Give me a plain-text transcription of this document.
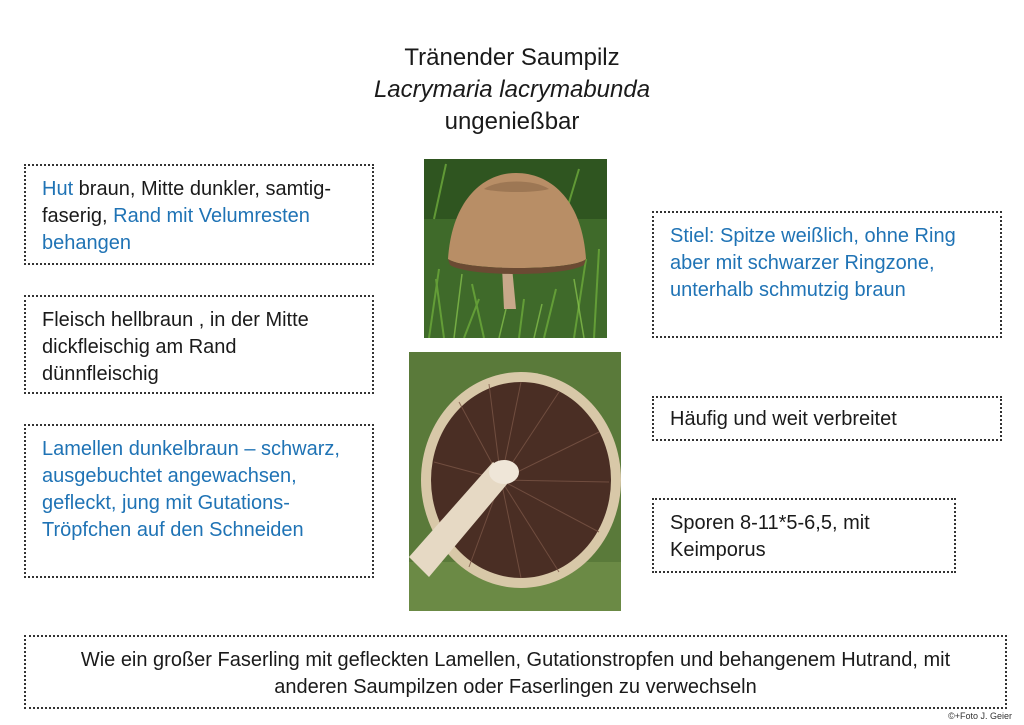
Tränender Saumpilz
Lacrymaria lacrymabunda
ungenießbar
Hut braun, Mitte dunkler, samtig-faserig, Rand mit Velumresten behangen
Fleisch hellbraun , in der Mitte dickfleischig am Rand dünnfleischig
Lamellen dunkelbraun – schwarz, ausgebuchtet angewachsen, gefleckt, jung mit Gutations-Tröpfchen auf den Schneiden
Stiel: Spitze weißlich, ohne Ring aber mit schwarzer Ringzone, unterhalb schmutzig braun
Häufig und weit verbreitet
Sporen 8-11*5-6,5, mit Keimporus
Wie ein großer Faserling mit gefleckten Lamellen, Gutationstropfen und behangenem Hutrand, mit anderen Saumpilzen oder Faserlingen zu verwechseln
©+Foto J. Geier
